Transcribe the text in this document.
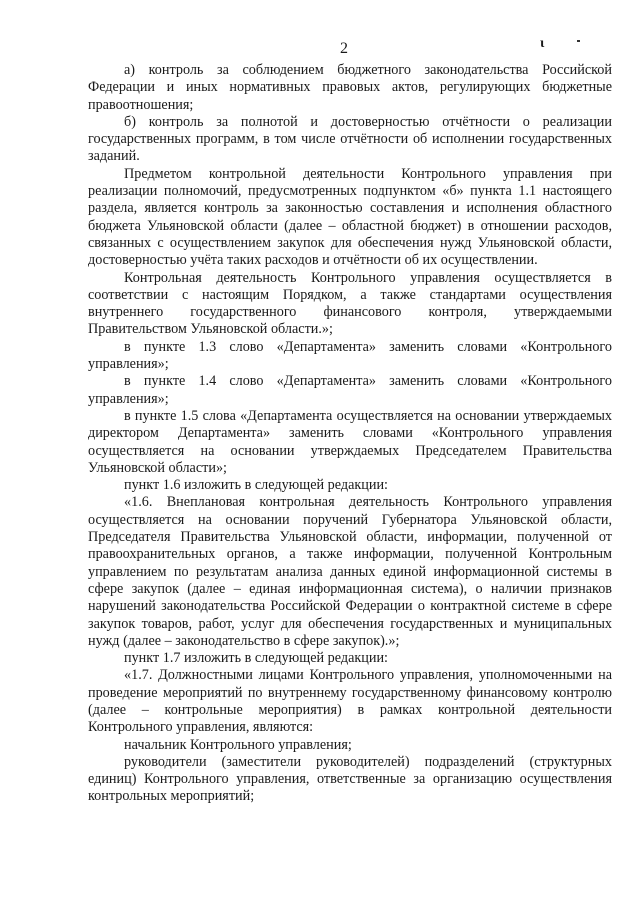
2	ι

а) контроль за соблюдением бюджетного законодательства Российской Федерации и иных нормативных правовых актов, регулирующих бюджетные правоотношения;

б) контроль за полнотой и достоверностью отчётности о реализации государственных программ, в том числе отчётности об исполнении государственных заданий.

Предметом контрольной деятельности Контрольного управления при реализации полномочий, предусмотренных подпунктом «б» пункта 1.1 настоящего раздела, является контроль за законностью составления и исполнения областного бюджета Ульяновской области (далее – областной бюджет) в отношении расходов, связанных с осуществлением закупок для обеспечения нужд Ульяновской области, достоверностью учёта таких расходов и отчётности об их осуществлении.

Контрольная деятельность Контрольного управления осуществляется в соответствии с настоящим Порядком, а также стандартами осуществления внутреннего государственного финансового контроля, утверждаемыми Правительством Ульяновской области.»;

в пункте 1.3 слово «Департамента» заменить словами «Контрольного управления»;

в пункте 1.4 слово «Департамента» заменить словами «Контрольного управления»;

в пункте 1.5 слова «Департамента осуществляется на основании утверждаемых директором Департамента» заменить словами «Контрольного управления осуществляется на основании утверждаемых Председателем Правительства Ульяновской области»;

пункт 1.6 изложить в следующей редакции:

«1.6. Внеплановая контрольная деятельность Контрольного управления осуществляется на основании поручений Губернатора Ульяновской области, Председателя Правительства Ульяновской области, информации, полученной от правоохранительных органов, а также информации, полученной Контрольным управлением по результатам анализа данных единой информационной системы в сфере закупок (далее – единая информационная система), о наличии признаков нарушений законодательства Российской Федерации о контрактной системе в сфере закупок товаров, работ, услуг для обеспечения государственных и муниципальных нужд (далее – законодательство в сфере закупок).»;

пункт 1.7 изложить в следующей редакции:

«1.7. Должностными лицами Контрольного управления, уполномоченными на проведение мероприятий по внутреннему государственному финансовому контролю (далее – контрольные мероприятия) в рамках контрольной деятельности Контрольного управления, являются:

начальник Контрольного управления;

руководители (заместители руководителей) подразделений (структурных единиц) Контрольного управления, ответственные за организацию осуществления контрольных мероприятий;
